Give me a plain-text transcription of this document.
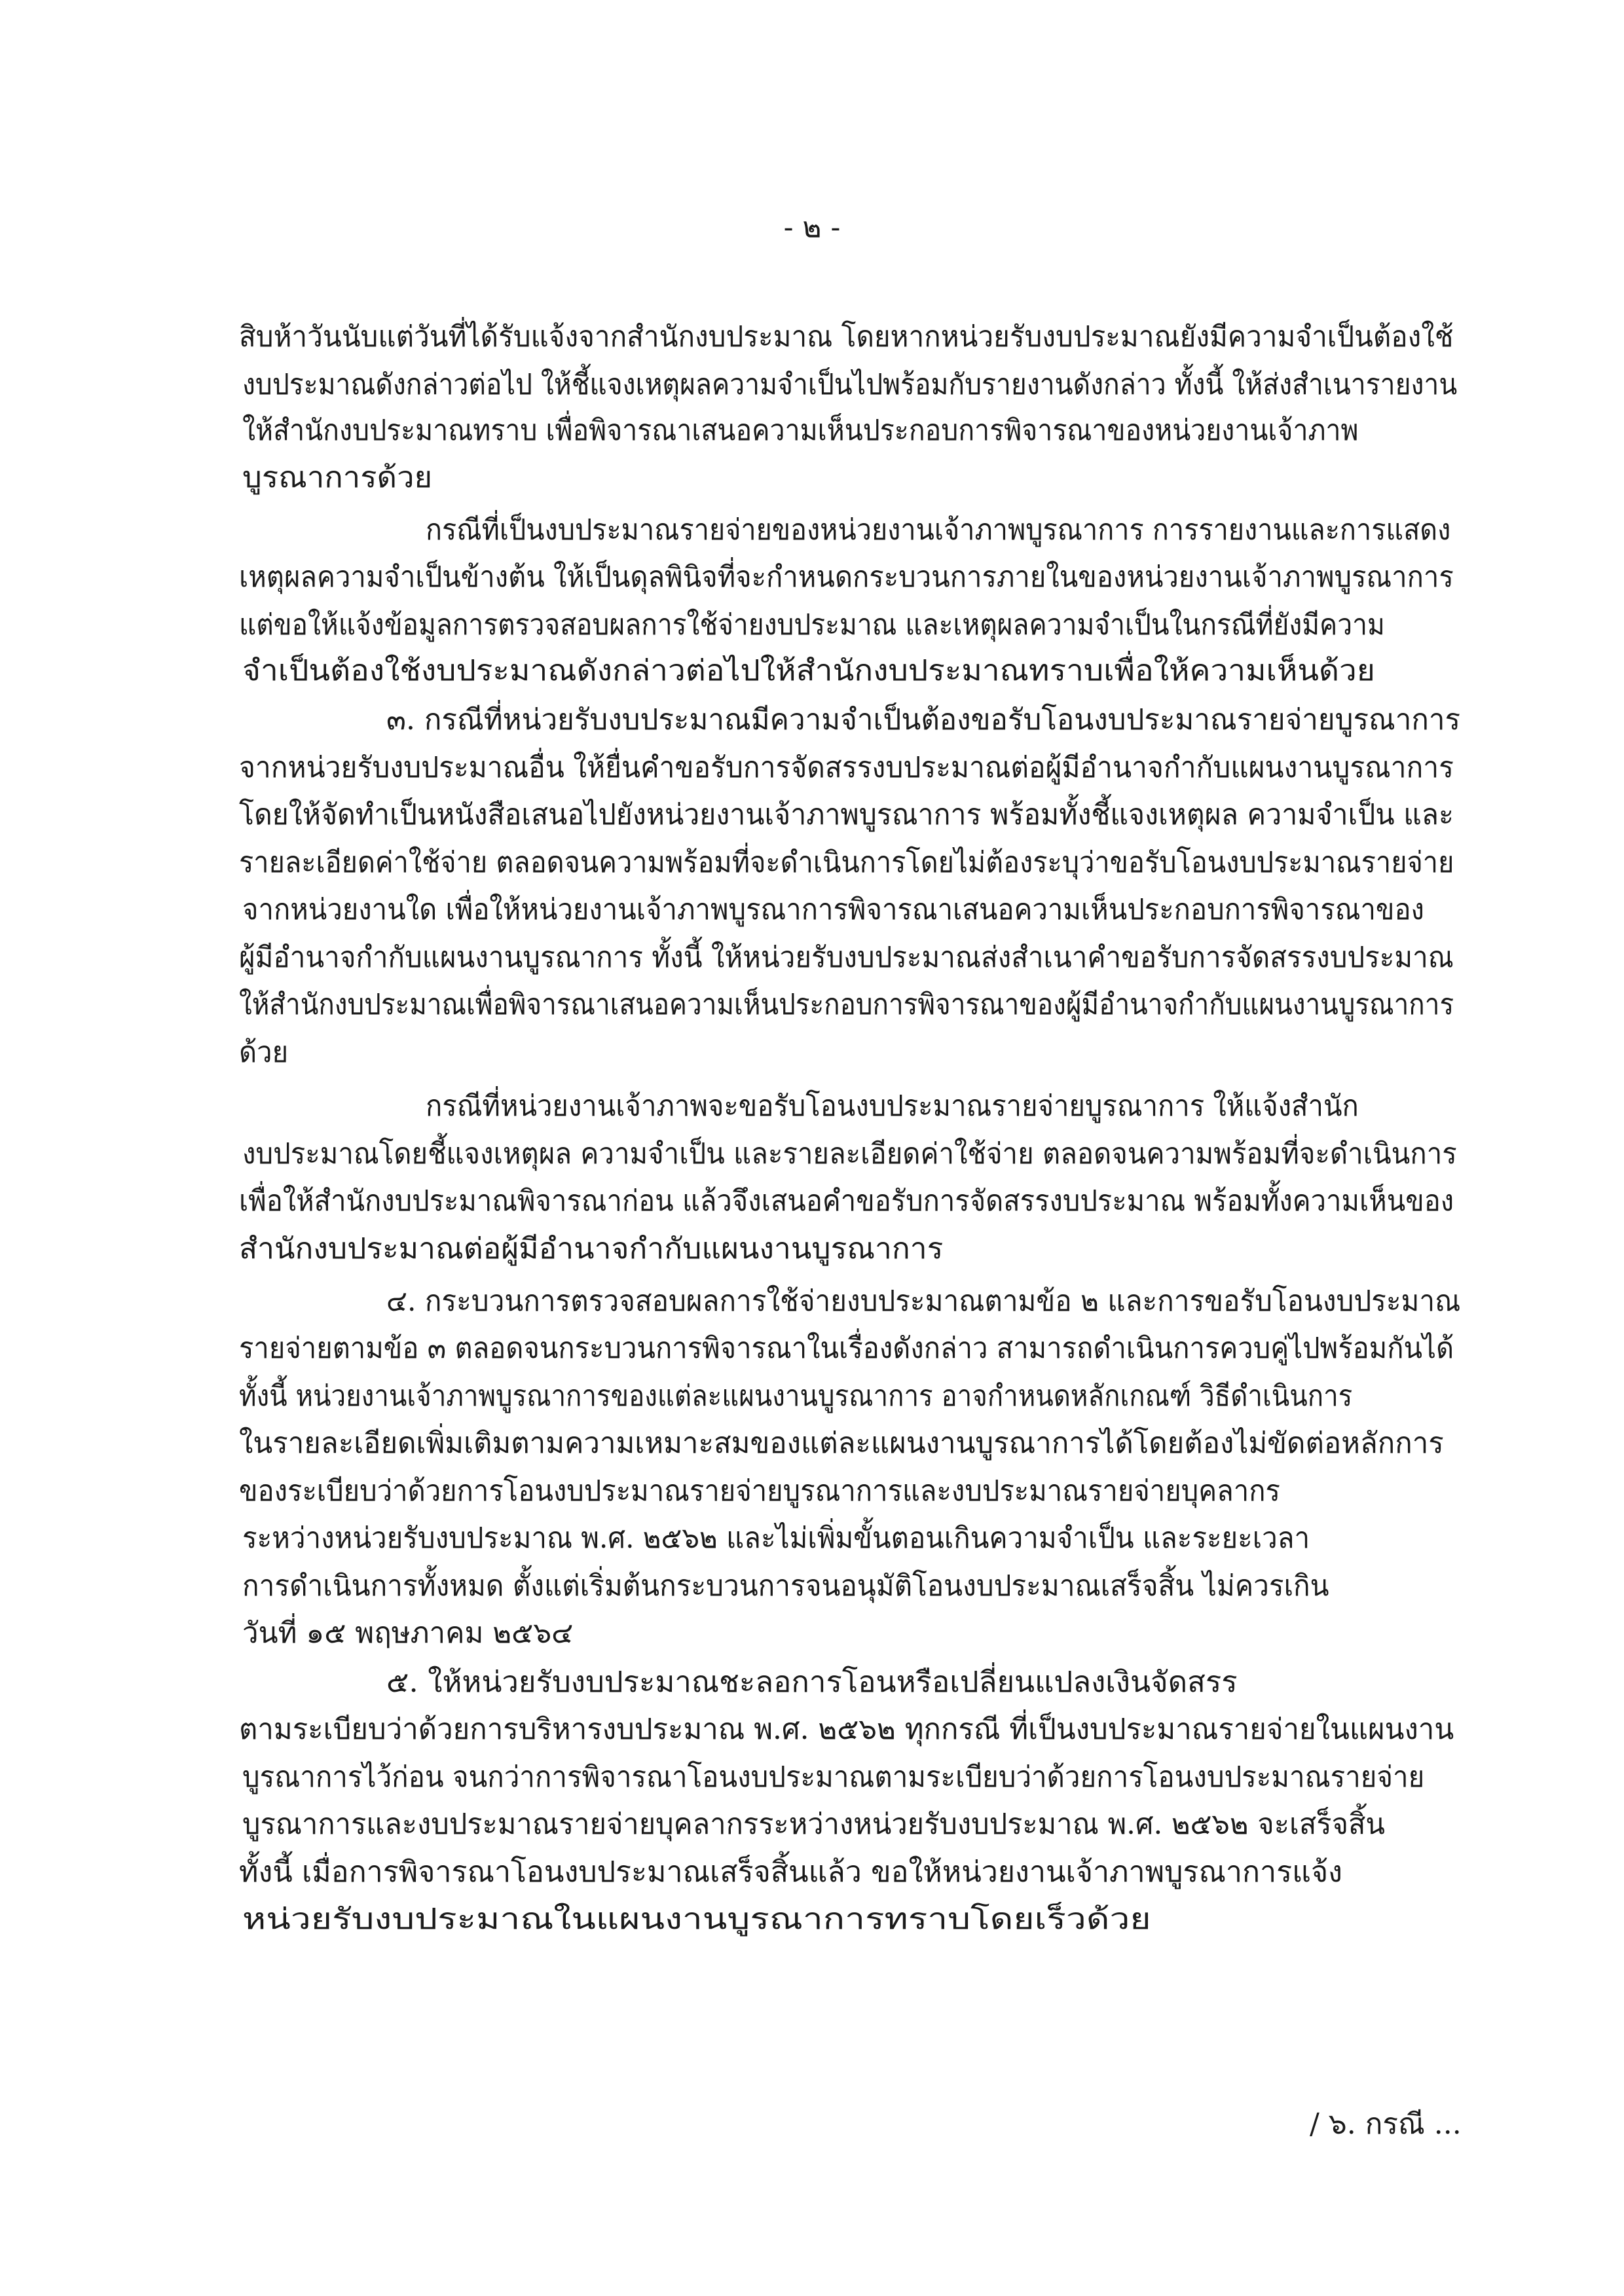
- ๒ -
สิบห้าวันนับแต่วันที่ได้รับแจ้งจากสำนักงบประมาณ โดยหากหน่วยรับงบประมาณยังมีความจำเป็นต้องใช้
งบประมาณดังกล่าวต่อไป ให้ชี้แจงเหตุผลความจำเป็นไปพร้อมกับรายงานดังกล่าว ทั้งนี้ ให้ส่งสำเนารายงาน
ให้สำนักงบประมาณทราบ เพื่อพิจารณาเสนอความเห็นประกอบการพิจารณาของหน่วยงานเจ้าภาพ
บูรณาการด้วย
กรณีที่เป็นงบประมาณรายจ่ายของหน่วยงานเจ้าภาพบูรณาการ การรายงานและการแสดง
เหตุผลความจำเป็นข้างต้น ให้เป็นดุลพินิจที่จะกำหนดกระบวนการภายในของหน่วยงานเจ้าภาพบูรณาการ
แต่ขอให้แจ้งข้อมูลการตรวจสอบผลการใช้จ่ายงบประมาณ และเหตุผลความจำเป็นในกรณีที่ยังมีความ
จำเป็นต้องใช้งบประมาณดังกล่าวต่อไปให้สำนักงบประมาณทราบเพื่อให้ความเห็นด้วย
๓. กรณีที่หน่วยรับงบประมาณมีความจำเป็นต้องขอรับโอนงบประมาณรายจ่ายบูรณาการ
จากหน่วยรับงบประมาณอื่น ให้ยื่นคำขอรับการจัดสรรงบประมาณต่อผู้มีอำนาจกำกับแผนงานบูรณาการ
โดยให้จัดทำเป็นหนังสือเสนอไปยังหน่วยงานเจ้าภาพบูรณาการ พร้อมทั้งชี้แจงเหตุผล ความจำเป็น และ
รายละเอียดค่าใช้จ่าย ตลอดจนความพร้อมที่จะดำเนินการโดยไม่ต้องระบุว่าขอรับโอนงบประมาณรายจ่าย
จากหน่วยงานใด เพื่อให้หน่วยงานเจ้าภาพบูรณาการพิจารณาเสนอความเห็นประกอบการพิจารณาของ
ผู้มีอำนาจกำกับแผนงานบูรณาการ ทั้งนี้ ให้หน่วยรับงบประมาณส่งสำเนาคำขอรับการจัดสรรงบประมาณ
ให้สำนักงบประมาณเพื่อพิจารณาเสนอความเห็นประกอบการพิจารณาของผู้มีอำนาจกำกับแผนงานบูรณาการ
ด้วย
กรณีที่หน่วยงานเจ้าภาพจะขอรับโอนงบประมาณรายจ่ายบูรณาการ ให้แจ้งสำนัก
งบประมาณโดยชี้แจงเหตุผล ความจำเป็น และรายละเอียดค่าใช้จ่าย ตลอดจนความพร้อมที่จะดำเนินการ
เพื่อให้สำนักงบประมาณพิจารณาก่อน แล้วจึงเสนอคำขอรับการจัดสรรงบประมาณ พร้อมทั้งความเห็นของ
สำนักงบประมาณต่อผู้มีอำนาจกำกับแผนงานบูรณาการ
๔. กระบวนการตรวจสอบผลการใช้จ่ายงบประมาณตามข้อ ๒ และการขอรับโอนงบประมาณ
รายจ่ายตามข้อ ๓ ตลอดจนกระบวนการพิจารณาในเรื่องดังกล่าว สามารถดำเนินการควบคู่ไปพร้อมกันได้
ทั้งนี้ หน่วยงานเจ้าภาพบูรณาการของแต่ละแผนงานบูรณาการ อาจกำหนดหลักเกณฑ์ วิธีดำเนินการ
ในรายละเอียดเพิ่มเติมตามความเหมาะสมของแต่ละแผนงานบูรณาการได้โดยต้องไม่ขัดต่อหลักการ
ของระเบียบว่าด้วยการโอนงบประมาณรายจ่ายบูรณาการและงบประมาณรายจ่ายบุคลากร
ระหว่างหน่วยรับงบประมาณ พ.ศ. ๒๕๖๒ และไม่เพิ่มขั้นตอนเกินความจำเป็น และระยะเวลา
การดำเนินการทั้งหมด ตั้งแต่เริ่มต้นกระบวนการจนอนุมัติโอนงบประมาณเสร็จสิ้น ไม่ควรเกิน
วันที่ ๑๕ พฤษภาคม ๒๕๖๔
๕. ให้หน่วยรับงบประมาณชะลอการโอนหรือเปลี่ยนแปลงเงินจัดสรร
ตามระเบียบว่าด้วยการบริหารงบประมาณ พ.ศ. ๒๕๖๒ ทุกกรณี ที่เป็นงบประมาณรายจ่ายในแผนงาน
บูรณาการไว้ก่อน จนกว่าการพิจารณาโอนงบประมาณตามระเบียบว่าด้วยการโอนงบประมาณรายจ่าย
บูรณาการและงบประมาณรายจ่ายบุคลากรระหว่างหน่วยรับงบประมาณ พ.ศ. ๒๕๖๒ จะเสร็จสิ้น
ทั้งนี้ เมื่อการพิจารณาโอนงบประมาณเสร็จสิ้นแล้ว ขอให้หน่วยงานเจ้าภาพบูรณาการแจ้ง
หน่วยรับงบประมาณในแผนงานบูรณาการทราบโดยเร็วด้วย
/ ๖. กรณี ...
